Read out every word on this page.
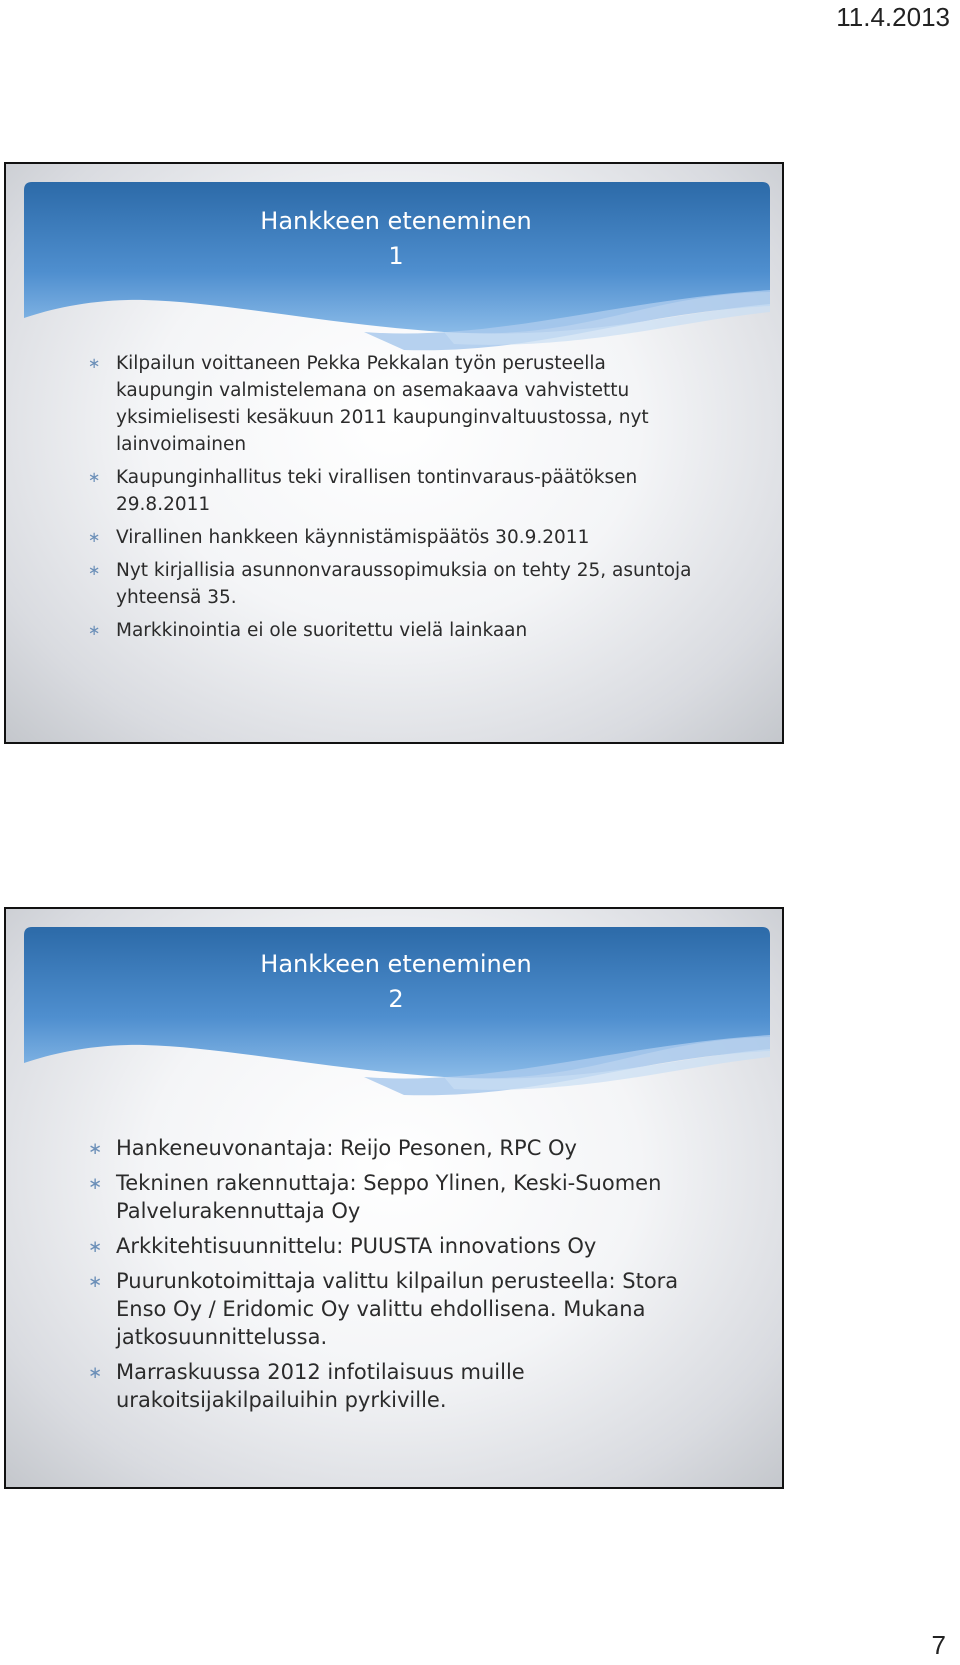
11.4.2013
Hankkeen eteneminen
1
∗ Kilpailun voittaneen Pekka Pekkalan työn perusteella kaupungin valmistelemana on asemakaava vahvistettu yksimielisesti kesäkuun 2011 kaupunginvaltuustossa, nyt lainvoimainen
∗ Kaupunginhallitus teki virallisen tontinvaraus-päätöksen 29.8.2011
∗ Virallinen hankkeen käynnistämispäätös 30.9.2011
∗ Nyt kirjallisia asunnonvaraussopimuksia on tehty 25, asuntoja yhteensä 35.
∗ Markkinointia ei ole suoritettu vielä lainkaan
Hankkeen eteneminen
2
∗ Hankeneuvonantaja: Reijo Pesonen, RPC Oy
∗ Tekninen rakennuttaja: Seppo Ylinen, Keski-Suomen Palvelurakennuttaja Oy
∗ Arkkitehtisuunnittelu: PUUSTA innovations Oy
∗ Puurunkotoimittaja valittu kilpailun perusteella: Stora Enso Oy / Eridomic Oy valittu ehdollisena. Mukana jatkosuunnittelussa.
∗ Marraskuussa 2012 infotilaisuus muille urakoitsijakilpailuihin pyrkiville.
7
